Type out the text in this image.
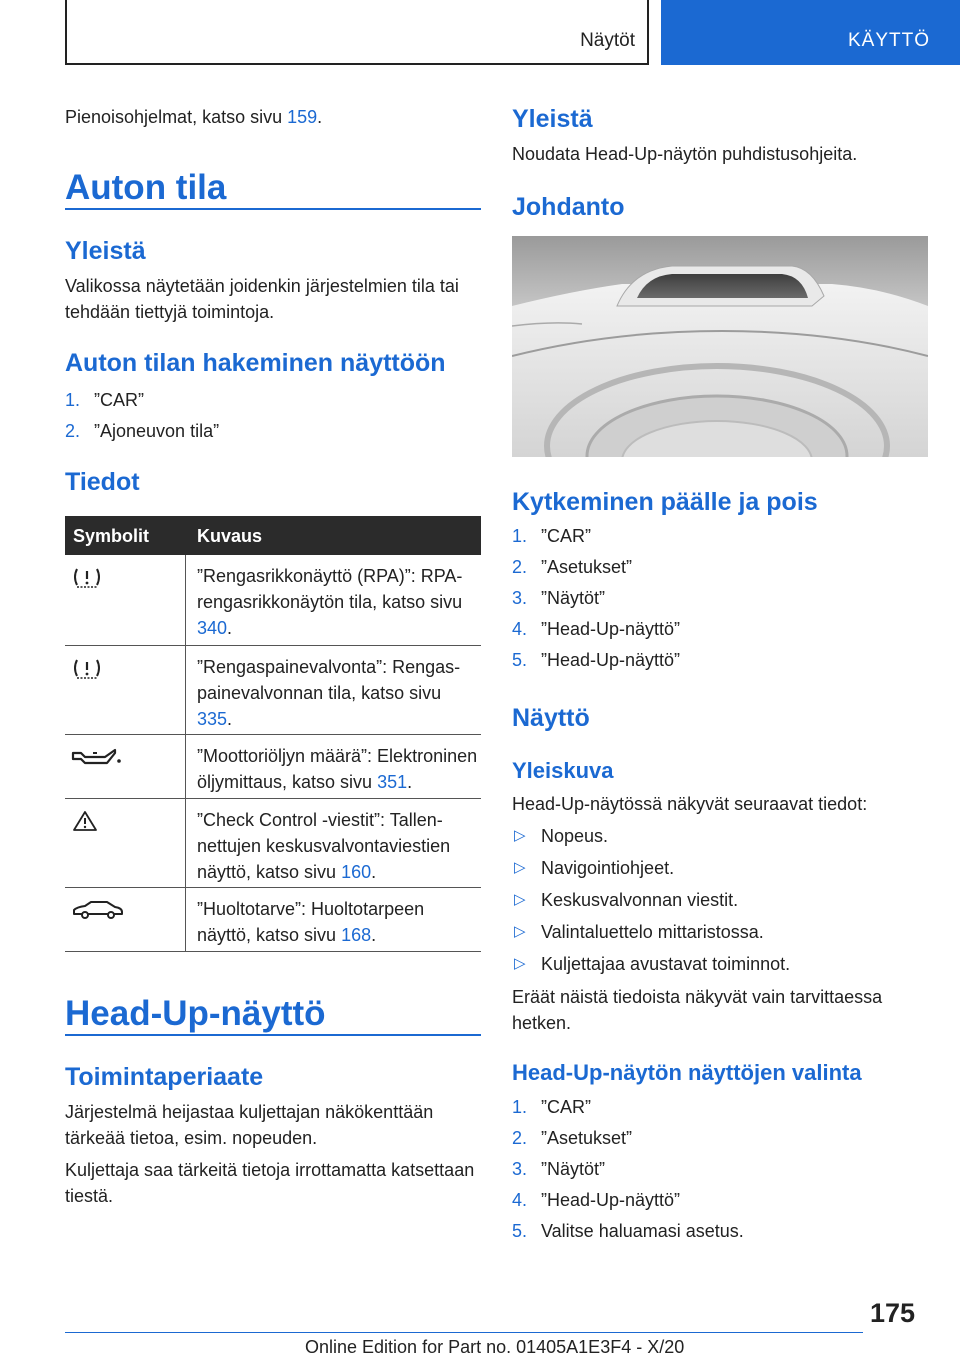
Näytöt	KÄYTTÖ
Pienoisohjelmat, katso sivu 159.
Auton tila
Yleistä
Valikossa näytetään joidenkin järjestelmien tila tai tehdään tiettyjä toimintoja.
Auton tilan hakeminen näyttöön
1. ”CAR”
2. ”Ajoneuvon tila”
Tiedot
Symbolit	Kuvaus
”Rengasrikkonäyttö (RPA)”: RPA-rengasrikkonäytön tila, katso sivu 340.
”Rengaspainevalvonta”: Rengaspainevalvonnan tila, katso sivu 335.
”Moottoriöljyn määrä”: Elektroninen öljymittaus, katso sivu 351.
”Check Control -viestit”: Tallennettujen keskusvalvontaviestien näyttö, katso sivu 160.
”Huoltotarve”: Huoltotarpeen näyttö, katso sivu 168.
Head-Up-näyttö
Toimintaperiaate
Järjestelmä heijastaa kuljettajan näkökenttään tärkeää tietoa, esim. nopeuden.
Kuljettaja saa tärkeitä tietoja irrottamatta katsettaan tiestä.
Yleistä
Noudata Head-Up-näytön puhdistusohjeita.
Johdanto
Kytkeminen päälle ja pois
1. ”CAR”
2. ”Asetukset”
3. ”Näytöt”
4. ”Head-Up-näyttö”
5. ”Head-Up-näyttö”
Näyttö
Yleiskuva
Head-Up-näytössä näkyvät seuraavat tiedot:
▷ Nopeus.
▷ Navigointiohjeet.
▷ Keskusvalvonnan viestit.
▷ Valintaluettelo mittaristossa.
▷ Kuljettajaa avustavat toiminnot.
Eräät näistä tiedoista näkyvät vain tarvittaessa hetken.
Head-Up-näytön näyttöjen valinta
1. ”CAR”
2. ”Asetukset”
3. ”Näytöt”
4. ”Head-Up-näyttö”
5. Valitse haluamasi asetus.
175
Online Edition for Part no. 01405A1E3F4 - X/20
